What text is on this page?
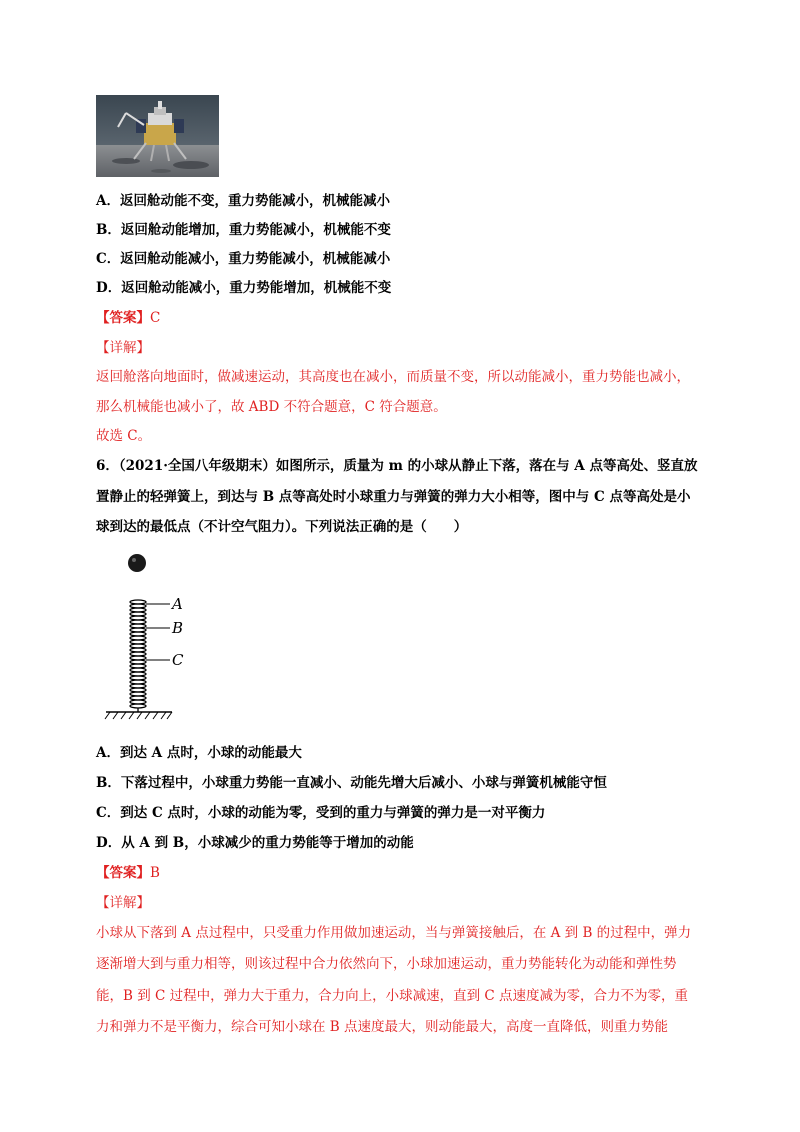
A．返回舱动能不变，重力势能减小，机械能减小
B．返回舱动能增加，重力势能减小，机械能不变
C．返回舱动能减小，重力势能减小，机械能减小
D．返回舱动能减小，重力势能增加，机械能不变
【答案】C
【详解】
返回舱落向地面时，做减速运动，其高度也在减小，而质量不变，所以动能减小，重力势能也减小，
那么机械能也减小了，故 ABD 不符合题意，C 符合题意。
故选 C。
6．（2021·全国八年级期末）如图所示，质量为 m 的小球从静止下落，落在与 A 点等高处、竖直放
置静止的轻弹簧上，到达与 B 点等高处时小球重力与弹簧的弹力大小相等，图中与 C 点等高处是小
球到达的最低点（不计空气阻力）。下列说法正确的是（　　）
A
B
C
A．到达 A 点时，小球的动能最大
B．下落过程中，小球重力势能一直减小、动能先增大后减小、小球与弹簧机械能守恒
C．到达 C 点时，小球的动能为零，受到的重力与弹簧的弹力是一对平衡力
D．从 A 到 B，小球减少的重力势能等于增加的动能
【答案】B
【详解】
小球从下落到 A 点过程中，只受重力作用做加速运动，当与弹簧接触后，在 A 到 B 的过程中，弹力
逐渐增大到与重力相等，则该过程中合力依然向下，小球加速运动，重力势能转化为动能和弹性势
能，B 到 C 过程中，弹力大于重力，合力向上，小球减速，直到 C 点速度减为零，合力不为零，重
力和弹力不是平衡力，综合可知小球在 B 点速度最大，则动能最大，高度一直降低，则重力势能
